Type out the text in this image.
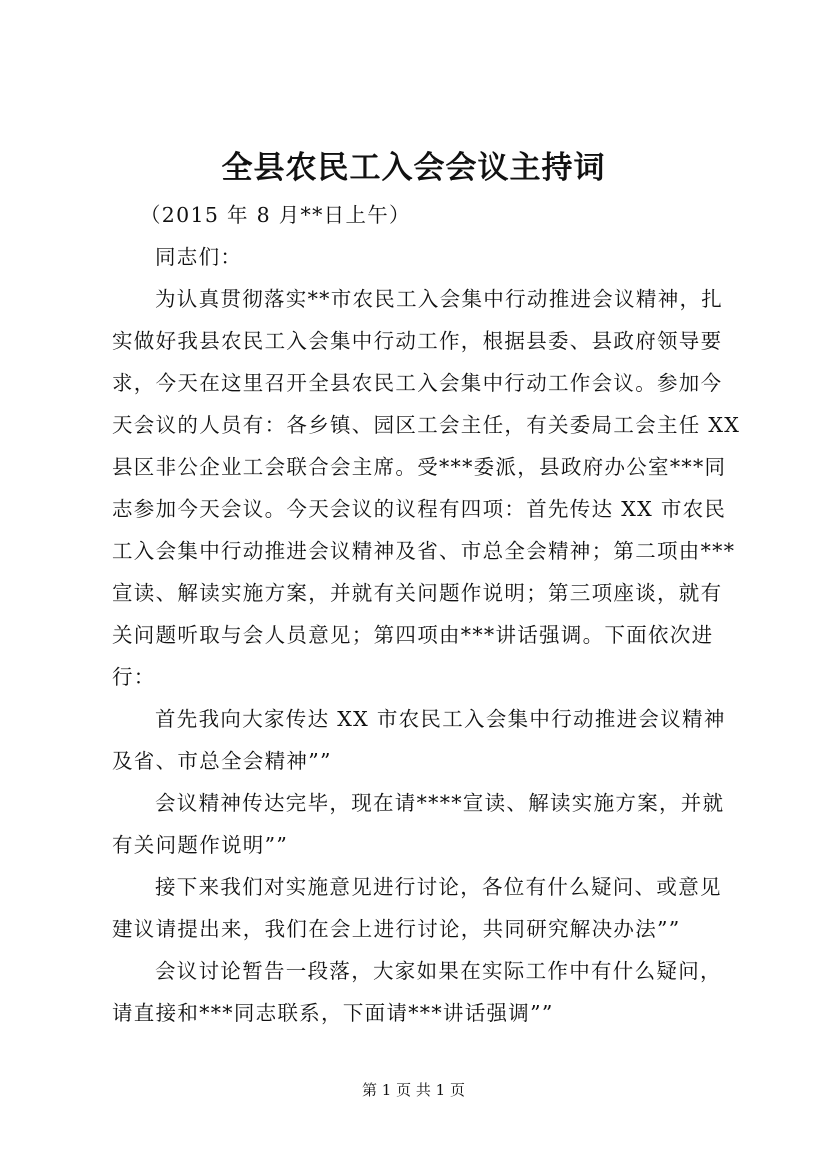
全县农民工入会会议主持词
（2015 年 8 月**日上午）
同志们：
为认真贯彻落实**市农民工入会集中行动推进会议精神，扎
实做好我县农民工入会集中行动工作，根据县委、县政府领导要
求，今天在这里召开全县农民工入会集中行动工作会议。参加今
天会议的人员有：各乡镇、园区工会主任，有关委局工会主任 XX
县区非公企业工会联合会主席。受***委派，县政府办公室***同
志参加今天会议。今天会议的议程有四项：首先传达 XX 市农民
工入会集中行动推进会议精神及省、市总全会精神；第二项由***
宣读、解读实施方案，并就有关问题作说明；第三项座谈，就有
关问题听取与会人员意见；第四项由***讲话强调。下面依次进
行：
首先我向大家传达 XX 市农民工入会集中行动推进会议精神
及省、市总全会精神””
会议精神传达完毕，现在请****宣读、解读实施方案，并就
有关问题作说明””
接下来我们对实施意见进行讨论，各位有什么疑问、或意见
建议请提出来，我们在会上进行讨论，共同研究解决办法””
会议讨论暂告一段落，大家如果在实际工作中有什么疑问，
请直接和***同志联系，下面请***讲话强调””
第 1 页 共 1 页
